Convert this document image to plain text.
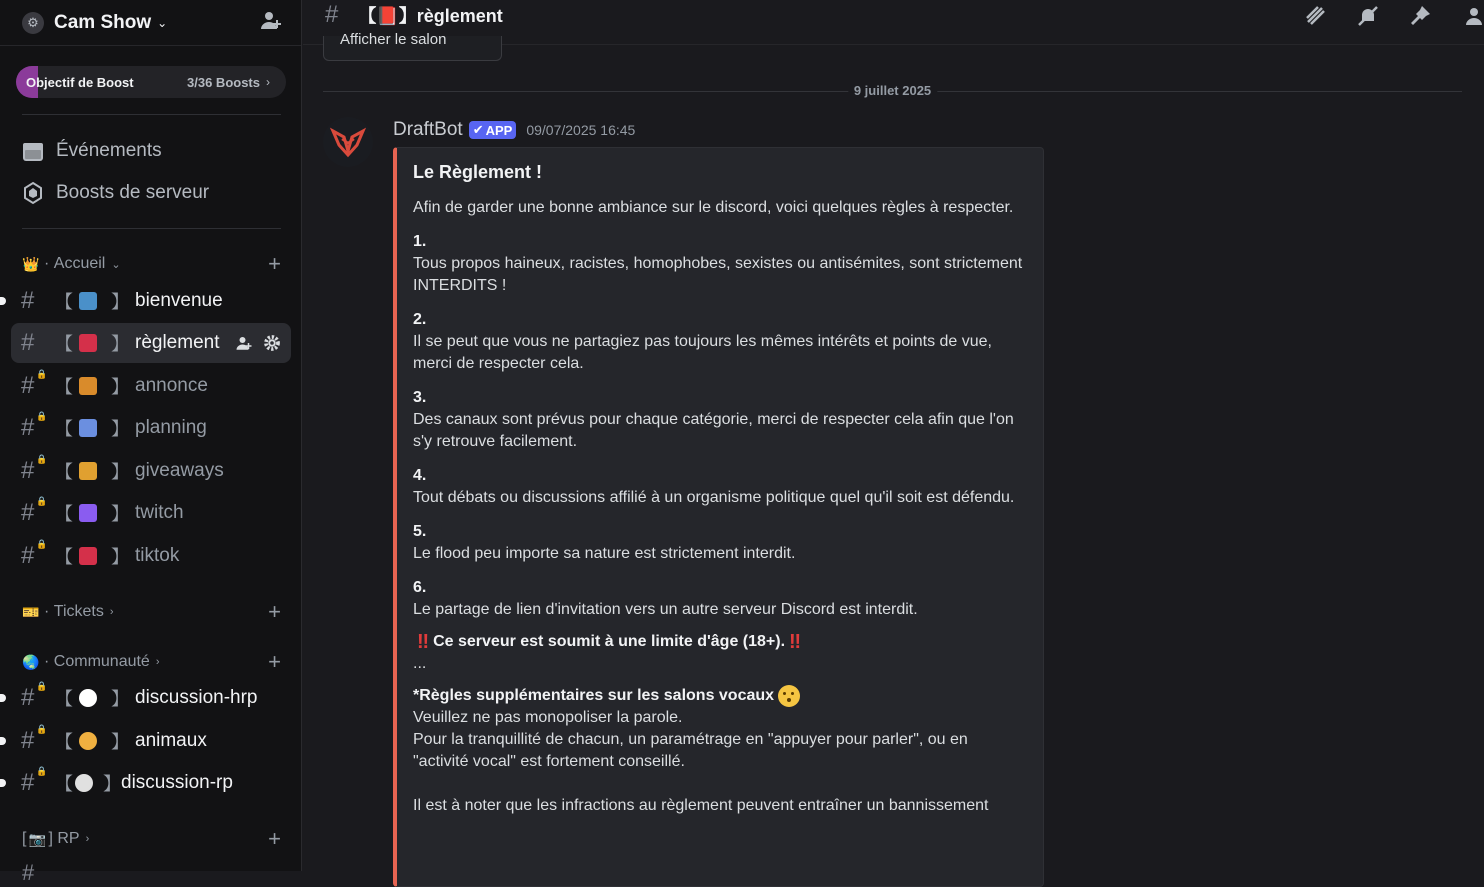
⚙ Cam Show ⌄
Objectif de Boost	3/36 Boosts ›
Événements
Boosts de serveur
👑 · Accueil ⌄	+
#	【 】 bienvenue
#	【 】 règlement
# 🔒
【 】 annonce
# 🔒
【 】 planning
# 🔒
【 】 giveaways
# 🔒
【 】 twitch
# 🔒
【 】 tiktok
🎫 · Tickets ›	+
🌏 · Communauté ›	+
# 🔒
【 】 discussion-hrp
# 🔒
【 】 animaux
# 🔒
【 】 discussion-rp
[ 📷 ] RP ›	+
#
# 【📕】règlement
Afficher le salon
9 juillet 2025
DraftBot ✔ APP 09/07/2025 16:45
Le Règlement !

Afin de garder une bonne ambiance sur le discord, voici quelques règles à respecter.

1.

Tous propos haineux, racistes, homophobes, sexistes ou antisémites, sont strictement INTERDITS !

2.

Il se peut que vous ne partagiez pas toujours les mêmes intérêts et points de vue, merci de respecter cela.

3.

Des canaux sont prévus pour chaque catégorie, merci de respecter cela afin que l'on s'y retrouve facilement.

4.

Tout débats ou discussions affilié à un organisme politique quel qu'il soit est défendu.

5.

Le flood peu importe sa nature est strictement interdit.

6.

Le partage de lien d'invitation vers un autre serveur Discord est interdit.

‼ Ce serveur est soumit à une limite d'âge (18+). ‼

...

*Règles supplémentaires sur les salons vocaux

Veuillez ne pas monopoliser la parole.

Pour la tranquillité de chacun, un paramétrage en "appuyer pour parler", ou en "activité vocal" est fortement conseillé.

Il est à noter que les infractions au règlement peuvent entraîner un bannissement
